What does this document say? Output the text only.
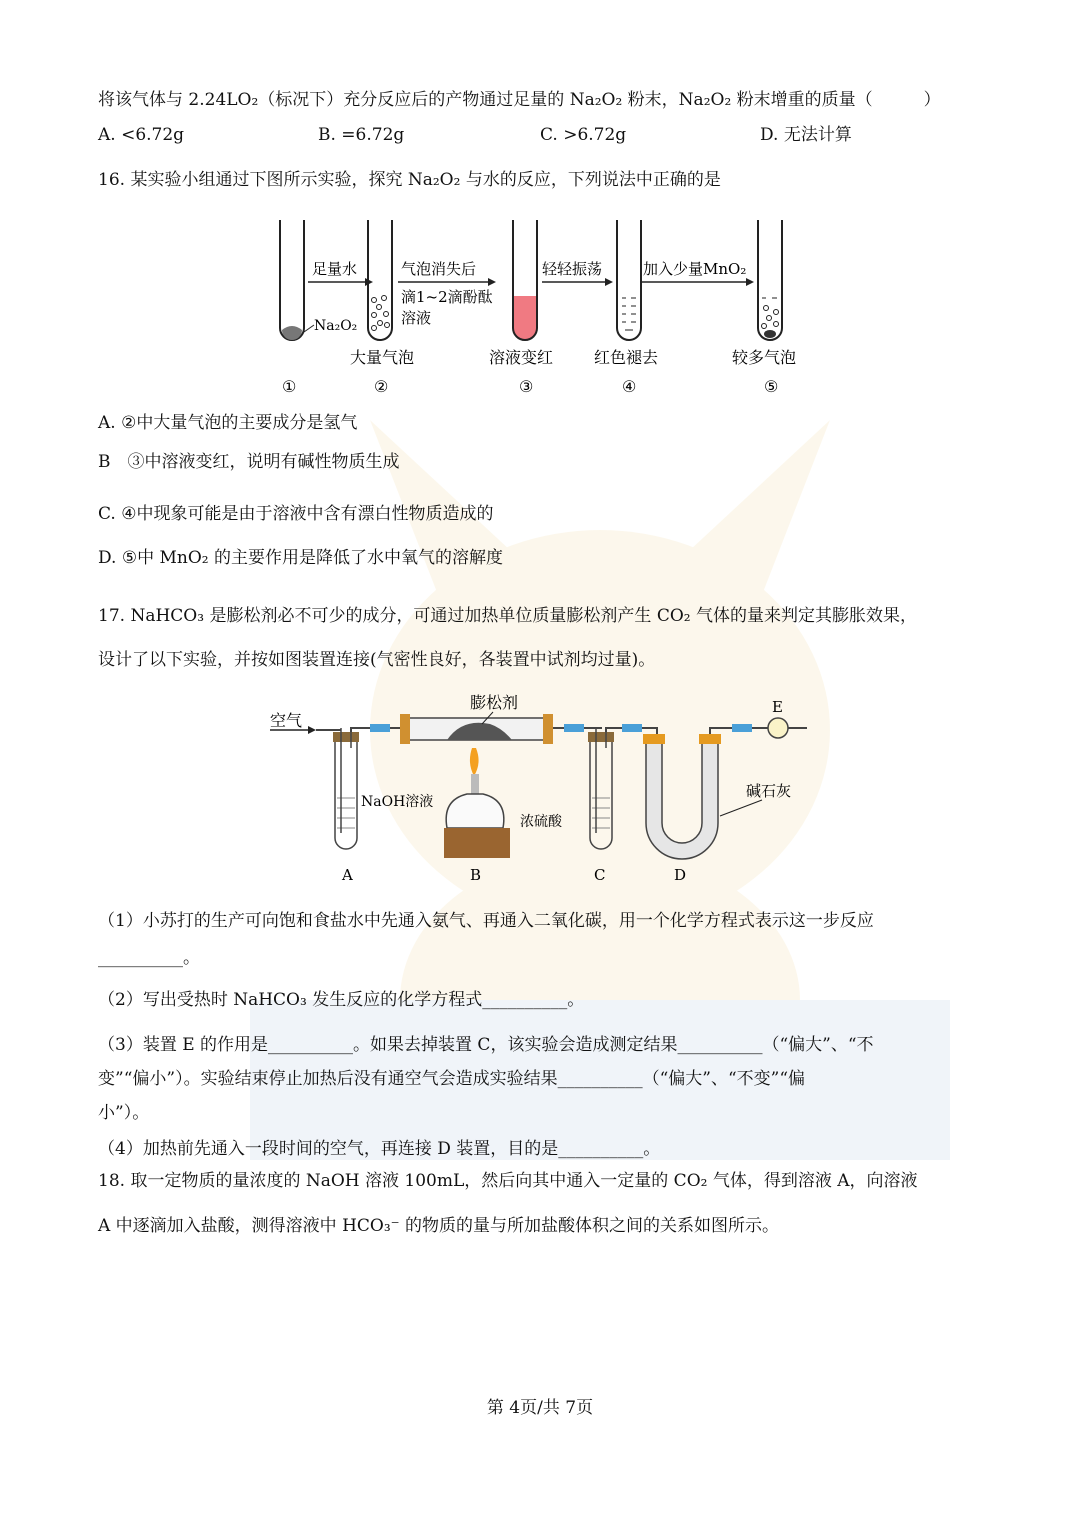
将该气体与 2.24LO₂（标况下）充分反应后的产物通过足量的 Na₂O₂ 粉末，Na₂O₂ 粉末增重的质量（　　　）
A. <6.72g	B. =6.72g	C. >6.72g	D. 无法计算
16. 某实验小组通过下图所示实验，探究 Na₂O₂ 与水的反应，下列说法中正确的是
Na₂O₂
足量水	气泡消失后
滴1~2滴酚酞
溶液
轻轻振荡	加入少量MnO₂
大量气泡	溶液变红	红色褪去	较多气泡
①	②	③	④	⑤
A. ②中大量气泡的主要成分是氢气
B　③中溶液变红，说明有碱性物质生成
C. ④中现象可能是由于溶液中含有漂白性物质造成的
D. ⑤中 MnO₂ 的主要作用是降低了水中氧气的溶解度
17. NaHCO₃ 是膨松剂必不可少的成分，可通过加热单位质量膨松剂产生 CO₂ 气体的量来判定其膨胀效果，
设计了以下实验，并按如图装置连接(气密性良好，各装置中试剂均过量)。
空气
NaOH溶液
膨松剂
浓硫酸
E
碱石灰
A	B	C	D
（1）小苏打的生产可向饱和食盐水中先通入氨气、再通入二氧化碳，用一个化学方程式表示这一步反应
__________。
（2）写出受热时 NaHCO₃ 发生反应的化学方程式__________。
（3）装置 E 的作用是__________。如果去掉装置 C，该实验会造成测定结果__________（“偏大”、“不
变”“偏小”）。实验结束停止加热后没有通空气会造成实验结果__________（“偏大”、“不变”“偏
小”）。
（4）加热前先通入一段时间的空气，再连接 D 装置，目的是__________。
18. 取一定物质的量浓度的 NaOH 溶液 100mL，然后向其中通入一定量的 CO₂ 气体，得到溶液 A，向溶液
A 中逐滴加入盐酸，测得溶液中 HCO₃⁻ 的物质的量与所加盐酸体积之间的关系如图所示。
第 4页/共 7页
